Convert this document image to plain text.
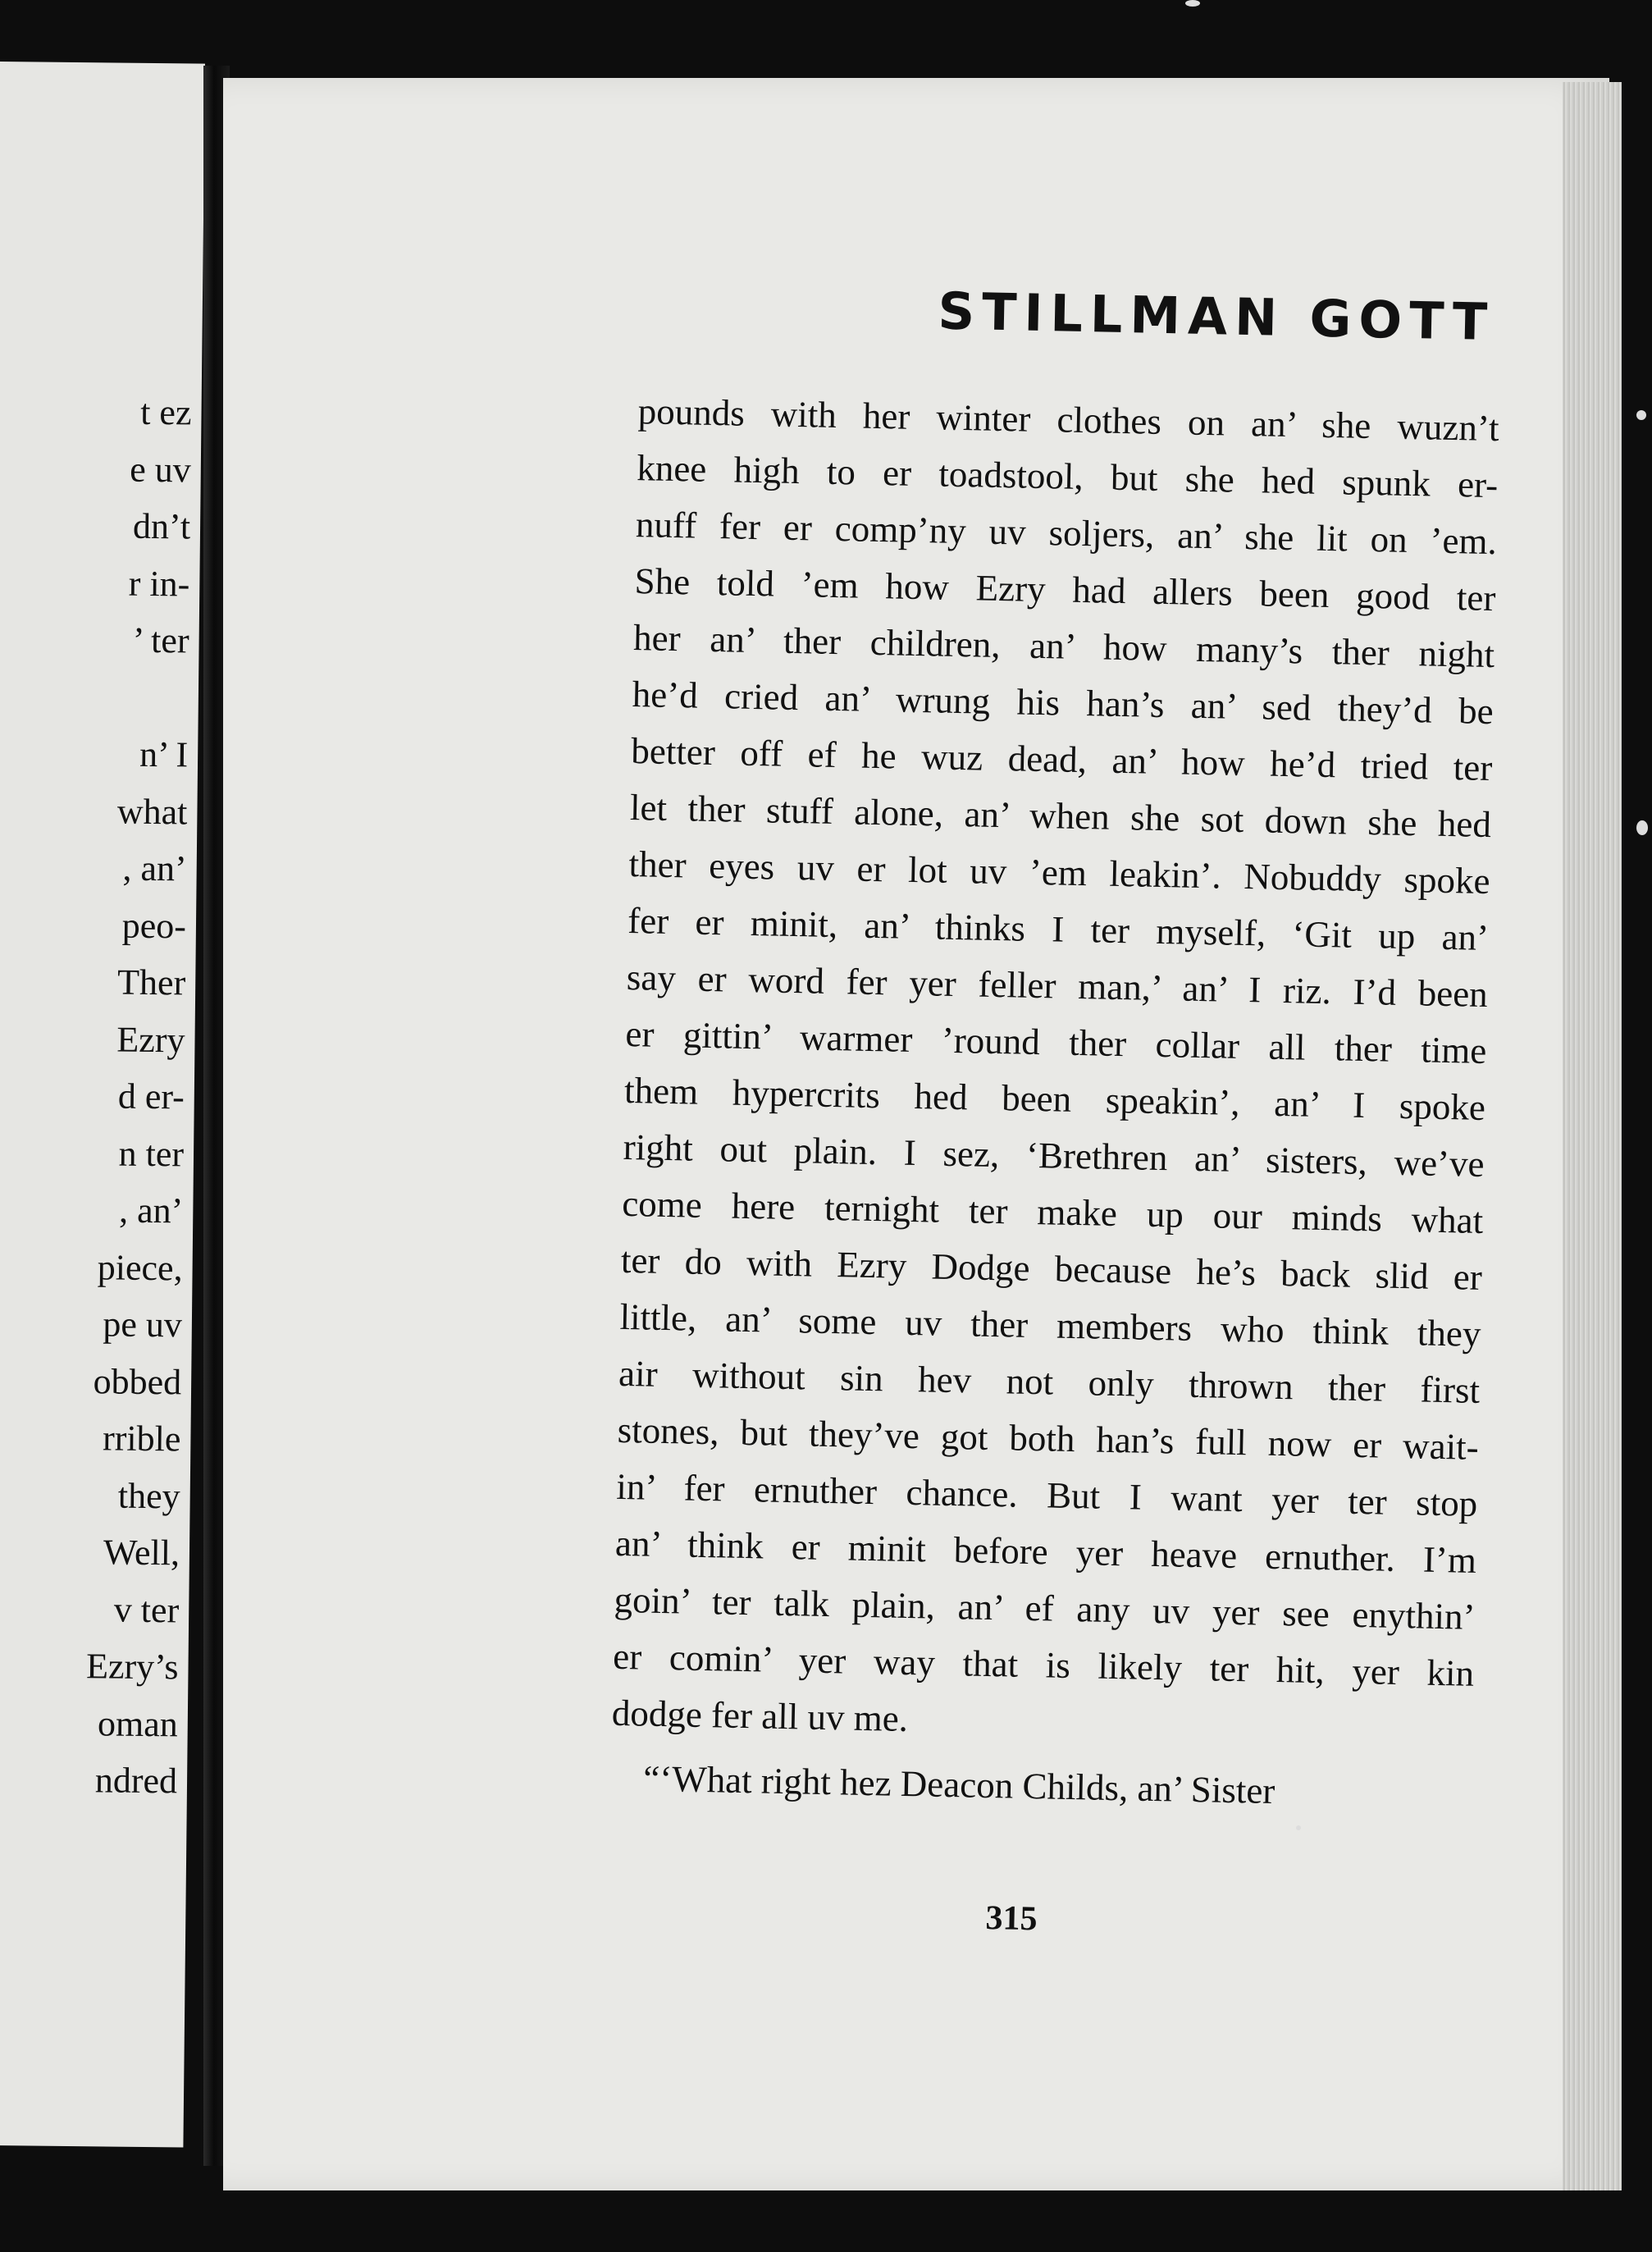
t ez
e uv
dn’t
r in-
’ ter
n’ I
what
, an’
peo-
Ther
Ezry
d er-
n ter
, an’
piece,
pe uv
obbed
rrible
they
Well,
v ter
Ezry’s
oman
ndred
STILLMAN GOTT
315
pounds with her winter clothes on an’ she wuzn’t
knee high to er toadstool, but she hed spunk er-
nuff fer er comp’ny uv soljers, an’ she lit on ’em.
She told ’em how Ezry had allers been good ter
her an’ ther children, an’ how many’s ther night
he’d cried an’ wrung his han’s an’ sed they’d be
better off ef he wuz dead, an’ how he’d tried ter
let ther stuff alone, an’ when she sot down she hed
ther eyes uv er lot uv ’em leakin’. Nobuddy spoke
fer er minit, an’ thinks I ter myself, ‘Git up an’
say er word fer yer feller man,’ an’ I riz. I’d been
er gittin’ warmer ’round ther collar all ther time
them hypercrits hed been speakin’, an’ I spoke
right out plain. I sez, ‘Brethren an’ sisters, we’ve
come here ternight ter make up our minds what
ter do with Ezry Dodge because he’s back slid er
little, an’ some uv ther members who think they
air without sin hev not only thrown ther first
stones, but they’ve got both han’s full now er wait-
in’ fer ernuther chance. But I want yer ter stop
an’ think er minit before yer heave ernuther. I’m
goin’ ter talk plain, an’ ef any uv yer see enythin’
er comin’ yer way that is likely ter hit, yer kin
dodge fer all uv me.
“‘What right hez Deacon Childs, an’ Sister
